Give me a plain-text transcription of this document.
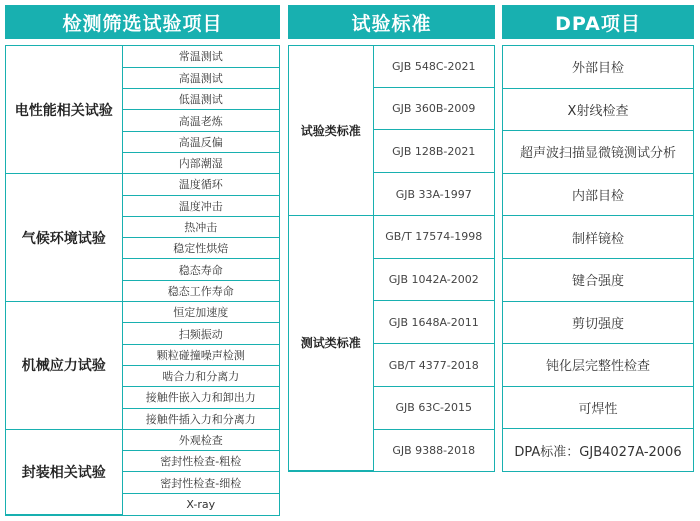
检测筛选试验项目	试验标准	DPA项目
电性能相关试验	常温测试
	高温测试
	低温测试
	高温老炼
	高温反偏
	内部潮湿
气候环境试验	温度循环
	温度冲击
	热冲击
	稳定性烘焙
	稳态寿命
	稳态工作寿命
机械应力试验	恒定加速度
	扫频振动
	颗粒碰撞噪声检测
	啮合力和分离力
	接触件嵌入力和卸出力
	接触件插入力和分离力
封装相关试验	外观检查
	密封性检查-粗检
	密封性检查-细检
	X-ray
试验类标准	GJB 548C-2021
	GJB 360B-2009
	GJB 128B-2021
	GJB 33A-1997
测试类标准	GB/T 17574-1998
	GJB 1042A-2002
	GJB 1648A-2011
	GB/T 4377-2018
	GJB 63C-2015
	GJB 9388-2018
外部目检
X射线检查
超声波扫描显微镜测试分析
内部目检
制样镜检
键合强度
剪切强度
钝化层完整性检查
可焊性
DPA标准：GJB4027A-2006
